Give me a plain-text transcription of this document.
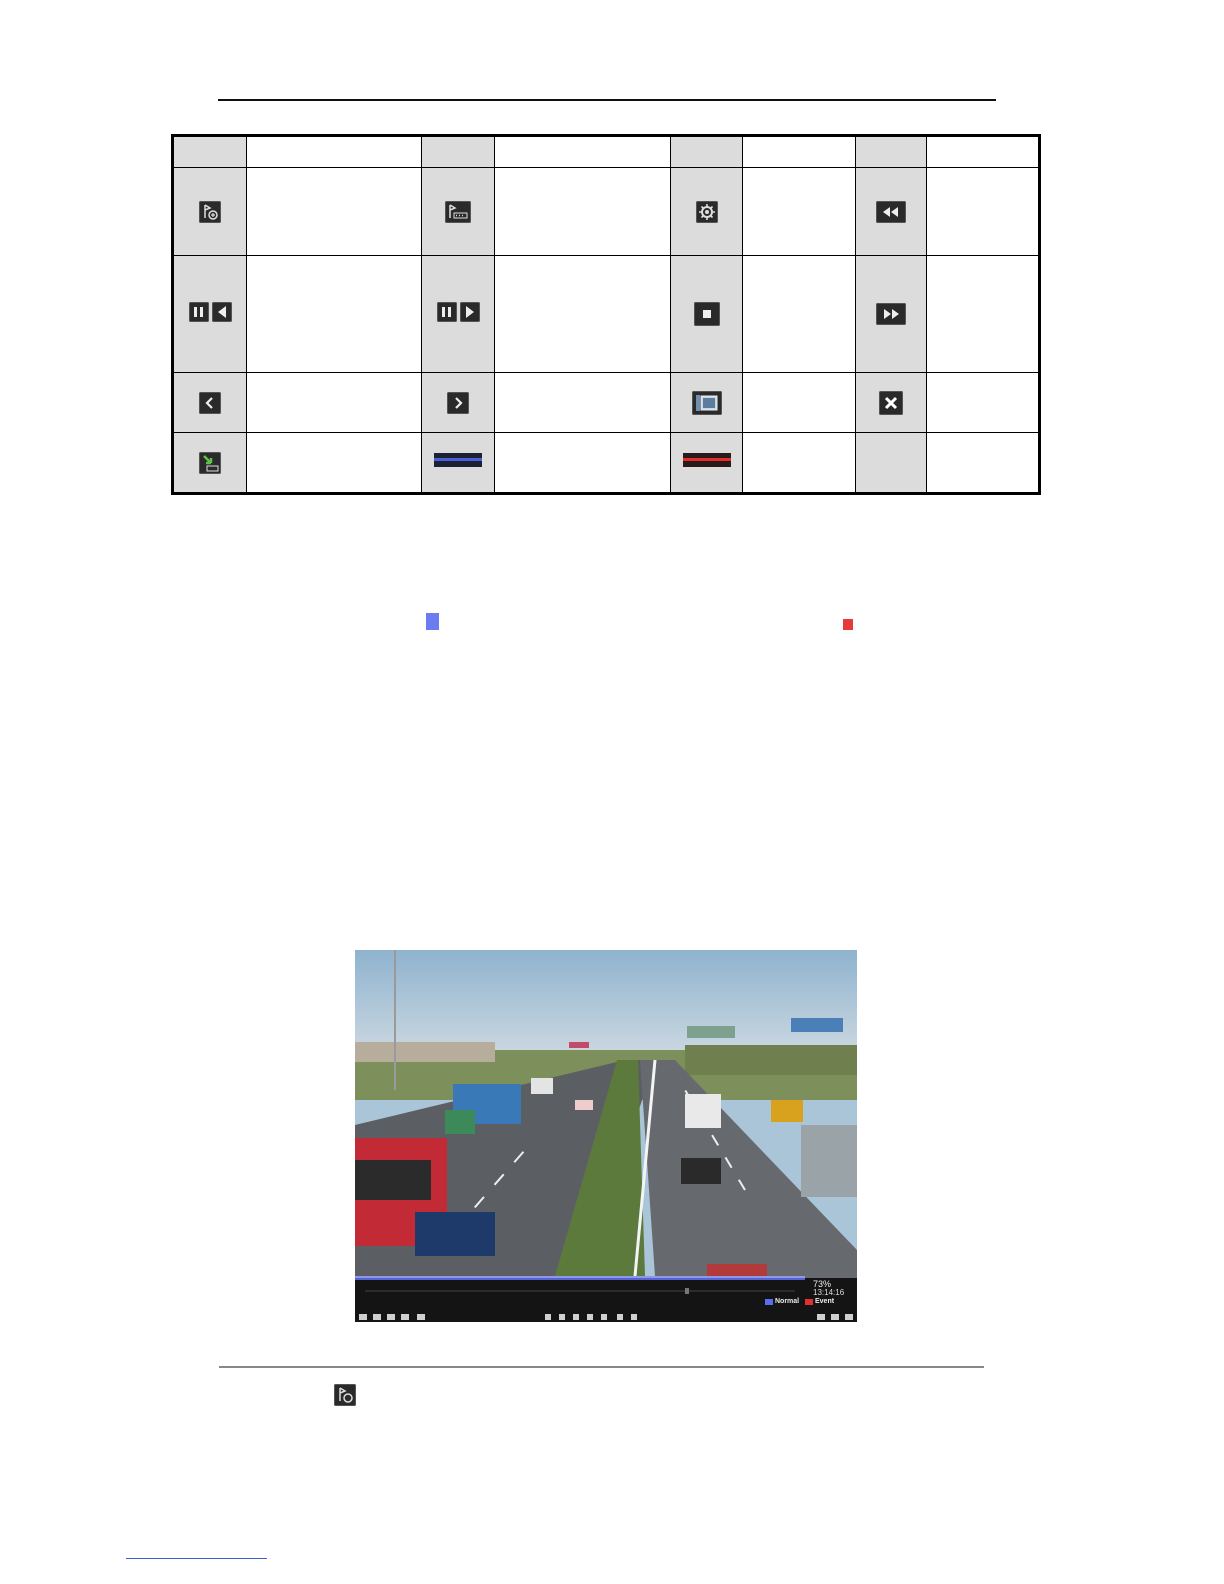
73%
13:14:16
Normal Event
